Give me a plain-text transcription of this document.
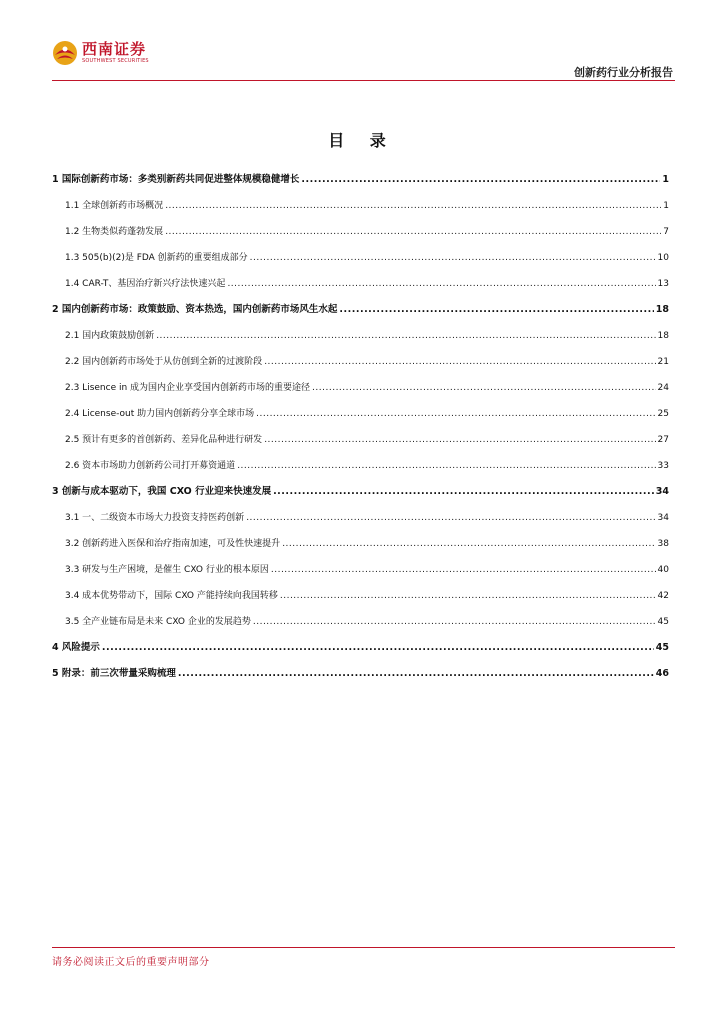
西南证券
SOUTHWEST SECURITIES
创新药行业分析报告
目 录
1 国际创新药市场：多类别新药共同促进整体规模稳健增长 .....	1
1.1 全球创新药市场概况 .....	1
1.2 生物类似药蓬勃发展 .....	7
1.3 505(b)(2)是 FDA 创新药的重要组成部分 .....	10
1.4 CAR-T、基因治疗新兴疗法快速兴起 .....	13
2 国内创新药市场：政策鼓励、资本热选，国内创新药市场风生水起 .....	18
2.1 国内政策鼓励创新 .....	18
2.2 国内创新药市场处于从仿创到全新的过渡阶段 .....	21
2.3 Lisence in 成为国内企业享受国内创新药市场的重要途径 .....	24
2.4 License-out 助力国内创新药分享全球市场 .....	25
2.5 预计有更多的首创新药、差异化品种进行研发 .....	27
2.6 资本市场助力创新药公司打开募资通道 .....	33
3 创新与成本驱动下，我国 CXO 行业迎来快速发展 .....	34
3.1 一、二级资本市场大力投资支持医药创新 .....	34
3.2 创新药进入医保和治疗指南加速，可及性快速提升 .....	38
3.3 研发与生产困境，是催生 CXO 行业的根本原因 .....	40
3.4 成本优势带动下，国际 CXO 产能持续向我国转移 .....	42
3.5 全产业链布局是未来 CXO 企业的发展趋势 .....	45
4 风险提示 .....	45
5 附录：前三次带量采购梳理 .....	46
请务必阅读正文后的重要声明部分
